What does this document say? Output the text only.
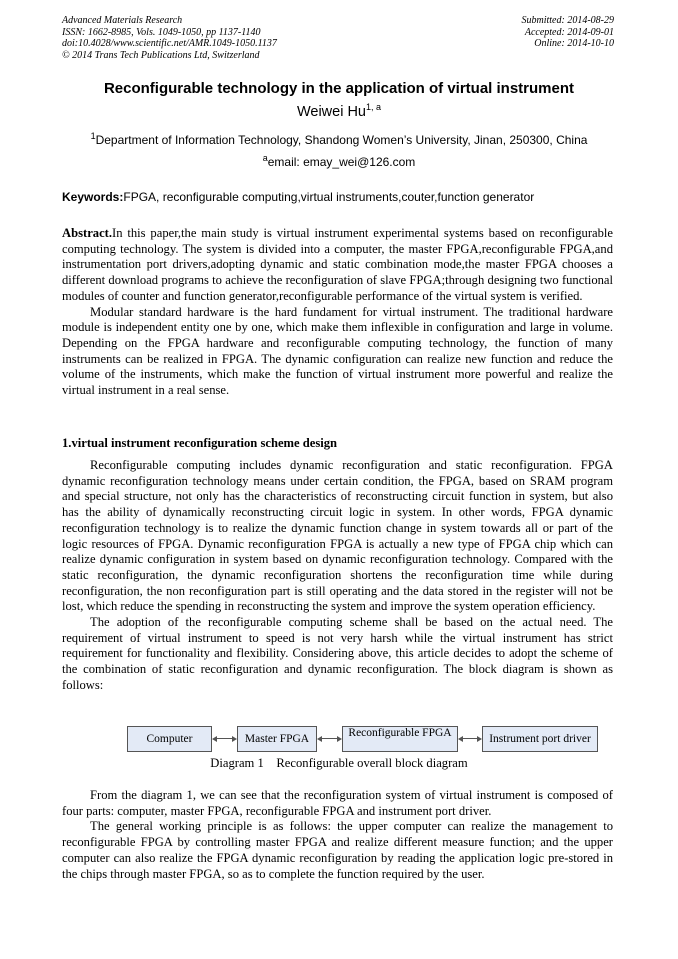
Advanced Materials Research
ISSN: 1662-8985, Vols. 1049-1050, pp 1137-1140
doi:10.4028/www.scientific.net/AMR.1049-1050.1137
© 2014 Trans Tech Publications Ltd, Switzerland
Submitted: 2014-08-29
Accepted: 2014-09-01
Online: 2014-10-10
Reconfigurable technology in the application of virtual instrument
Weiwei Hu$^{1, a}$
$^1$Department of Information Technology, Shandong Women’s University, Jinan, 250300, China
$^a$email: emay_wei@126.com
Keywords:FPGA, reconfigurable computing,virtual instruments,couter,function generator

Abstract.In this paper,the main study is virtual instrument experimental systems based on reconfigurable computing technology. The system is divided into a computer, the master FPGA,reconfigurable FPGA,and instrumentation port drivers,adopting dynamic and static combination mode,the master FPGA chooses a different download programs to achieve the reconfiguration of slave FPGA;through designing two functional modules of counter and function generator,reconfigurable performance of the virtual system is verified.

Modular standard hardware is the hard fundament for virtual instrument. The traditional hardware module is independent entity one by one, which make them inflexible in configuration and large in volume. Depending on the FPGA hardware and reconfigurable computing technology, the function of many instruments can be realized in FPGA. The dynamic configuration can realize new function and reduce the volume of the instruments, which make the function of virtual instrument more powerful and realize the virtual instrument in a real sense.

1.virtual instrument reconfiguration scheme design

Reconfigurable computing includes dynamic reconfiguration and static reconfiguration. FPGA dynamic reconfiguration technology means under certain condition, the FPGA, based on SRAM program and special structure, not only has the characteristics of reconstructing circuit function in system, but also has the ability of dynamically reconstructing circuit logic in system. In other words, FPGA dynamic reconfiguration technology is to realize the dynamic function change in system towards all or part of the logic resources of FPGA. Dynamic reconfiguration FPGA is actually a new type of FPGA chip which can realize dynamic configuration in system based on dynamic reconfiguration technology. Compared with the static reconfiguration, the dynamic reconfiguration shortens the reconfiguration time while during reconfiguration, the non reconfiguration part is still operating and the data stored in the register will not be lost, which reduce the spending in reconstructing the system and improve the system operation efficiency.

The adoption of the reconfigurable computing scheme shall be based on the actual need. The requirement of virtual instrument to speed is not very harsh while the virtual instrument has strict requirement for functionality and flexibility. Considering above, this article decides to adopt the scheme of the combination of static reconfiguration and dynamic reconfiguration. The block diagram is shown as follows:

Computer	Master FPGA	Reconfigurable FPGA	Instrument port driver
Diagram 1    Reconfigurable overall block diagram

From the diagram 1, we can see that the reconfiguration system of virtual instrument is composed of four parts: computer, master FPGA, reconfigurable FPGA and instrument port driver.

The general working principle is as follows: the upper computer can realize the management to reconfigurable FPGA by controlling master FPGA and realize different measure function; and the upper computer can also realize the FPGA dynamic reconfiguration by reading the application logic pre-stored in the chips through master FPGA, so as to complete the function required by the user.
